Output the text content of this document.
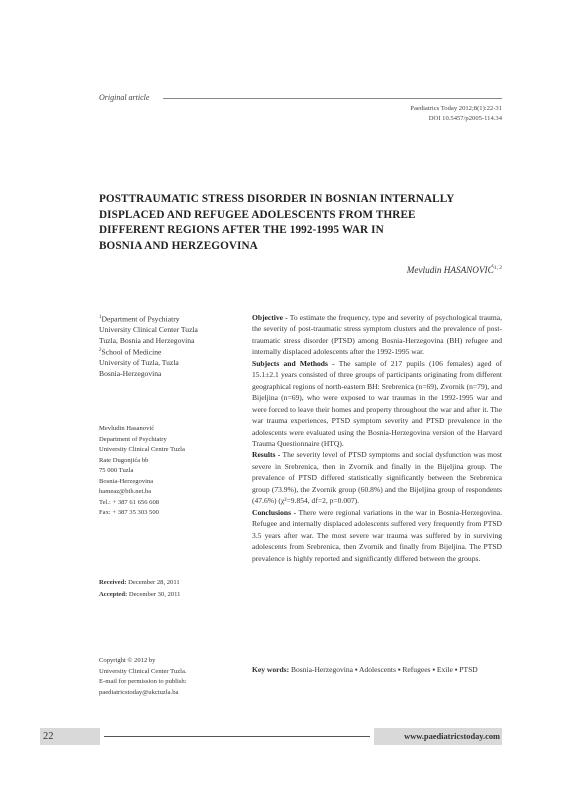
Original article
Paediatrics Today 2012;8(1):22-31
DOI 10.5457/p2005-114.34
POSTTRAUMATIC STRESS DISORDER IN BOSNIAN INTERNALLY
DISPLACED AND REFUGEE ADOLESCENTS FROM THREE
DIFFERENT REGIONS AFTER THE 1992-1995 WAR IN
BOSNIA AND HERZEGOVINA
Mevludin HASANOVIĆ$^{1, 2}$
$^1$Department of Psychiatry
University Clinical Center Tuzla
Tuzla, Bosnia and Herzegovina
$^2$School of Medicine
University of Tuzla, Tuzla
Bosnia-Herzegovina
Mevludin Hasanović
Department of Psychiatry
University Clinical Centre Tuzla
Rate Dugonjića bb
75 000 Tuzla
Bosnia-Herzegovina
hameaz@bih.net.ba
Tel.: + 387 61 656 608
Fax: + 387 35 303 500
Received: December 28, 2011
Accepted: December 30, 2011
Copyright © 2012 by
University Clinical Center Tuzla.
E-mail for permission to publish:
paediatricstoday@ukctuzla.ba

Objective - To estimate the frequency, type and severity of psychological trauma, the severity of post-traumatic stress symptom clusters and the prevalence of post-traumatic stress disorder (PTSD) among Bosnia-Herzegovina (BH) refugee and internally displaced adolescents after the 1992-1995 war.

Subjects and Methods - The sample of 217 pupils (106 females) aged of 15.1±2.1 years consisted of three groups of participants originating from different geographical regions of north-eastern BH: Srebrenica (n=69), Zvornik (n=79), and Bijeljina (n=69), who were exposed to war traumas in the 1992-1995 war and were forced to leave their homes and property throughout the war and after it. The war trauma experiences, PTSD symptom severity and PTSD prevalence in the adolescents were evaluated using the Bosnia-Herzegovina version of the Harvard Trauma Questionnaire (HTQ).

Results - The severity level of PTSD symptoms and social dysfunction was most severe in Srebrenica, then in Zvornik and finally in the Bijeljina group. The prevalence of PTSD differed statistically significantly between the Srebrenica group (73.9%), the Zvornik group (60.8%) and the Bijeljina group of respondents (47.6%) (χ²=9.854, df=2, p=0.007).

Conclusions - There were regional variations in the war in Bosnia-Herzegovina. Refugee and internally displaced adolescents suffered very frequently from PTSD 3.5 years after war. The most severe war trauma was suffered by in surviving adolescents from Srebrenica, then Zvornik and finally from Bijeljina. The PTSD prevalence is highly reported and significantly differed between the groups.

Key words: Bosnia-Herzegovina ▪ Adolescents ▪ Refugees ▪ Exile ▪ PTSD
22	www.paediatricstoday.com
